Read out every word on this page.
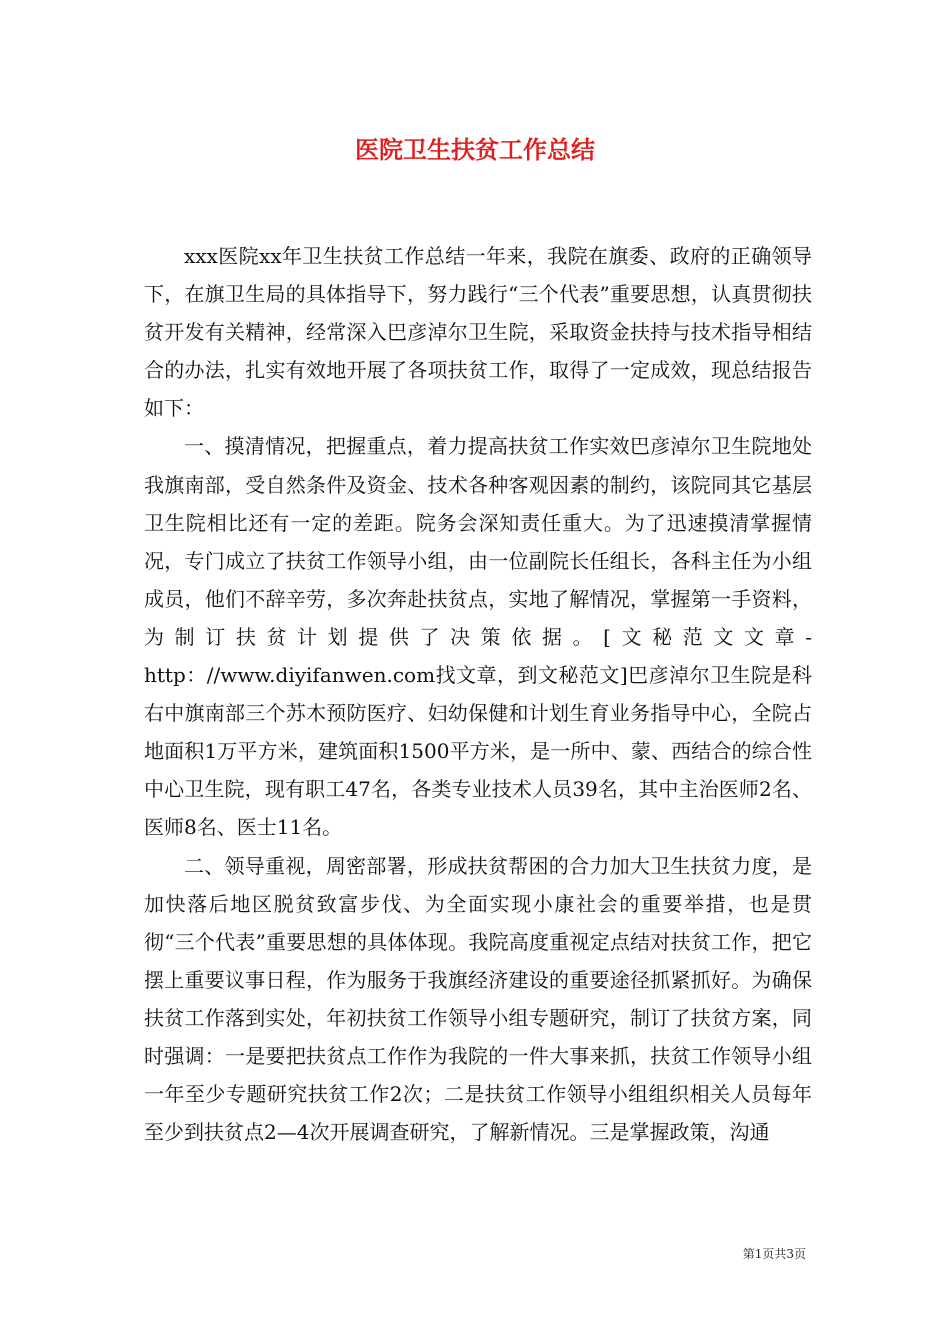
医院卫生扶贫工作总结

xxx医院xx年卫生扶贫工作总结一年来，我院在旗委、政府的正确领导下，在旗卫生局的具体指导下，努力践行“三个代表”重要思想，认真贯彻扶贫开发有关精神，经常深入巴彦淖尔卫生院，采取资金扶持与技术指导相结合的办法，扎实有效地开展了各项扶贫工作，取得了一定成效，现总结报告如下：

一、摸清情况，把握重点，着力提高扶贫工作实效巴彦淖尔卫生院地处我旗南部，受自然条件及资金、技术各种客观因素的制约，该院同其它基层卫生院相比还有一定的差距。院务会深知责任重大。为了迅速摸清掌握情况，专门成立了扶贫工作领导小组，由一位副院长任组长，各科主任为小组成员，他们不辞辛劳，多次奔赴扶贫点，实地了解情况，掌握第一手资料，为制订扶贫计划提供了决策依据。[文秘范文文章-http：//www.diyifanwen.com找文章，到文秘范文]巴彦淖尔卫生院是科右中旗南部三个苏木预防医疗、妇幼保健和计划生育业务指导中心，全院占地面积1万平方米，建筑面积1500平方米，是一所中、蒙、西结合的综合性中心卫生院，现有职工47名，各类专业技术人员39名，其中主治医师2名、医师8名、医士11名。

二、领导重视，周密部署，形成扶贫帮困的合力加大卫生扶贫力度，是加快落后地区脱贫致富步伐、为全面实现小康社会的重要举措，也是贯彻“三个代表”重要思想的具体体现。我院高度重视定点结对扶贫工作，把它摆上重要议事日程，作为服务于我旗经济建设的重要途径抓紧抓好。为确保扶贫工作落到实处，年初扶贫工作领导小组专题研究，制订了扶贫方案，同时强调：一是要把扶贫点工作作为我院的一件大事来抓，扶贫工作领导小组一年至少专题研究扶贫工作2次；二是扶贫工作领导小组组织相关人员每年至少到扶贫点2—4次开展调查研究，了解新情况。三是掌握政策，沟通

第1页共3页
